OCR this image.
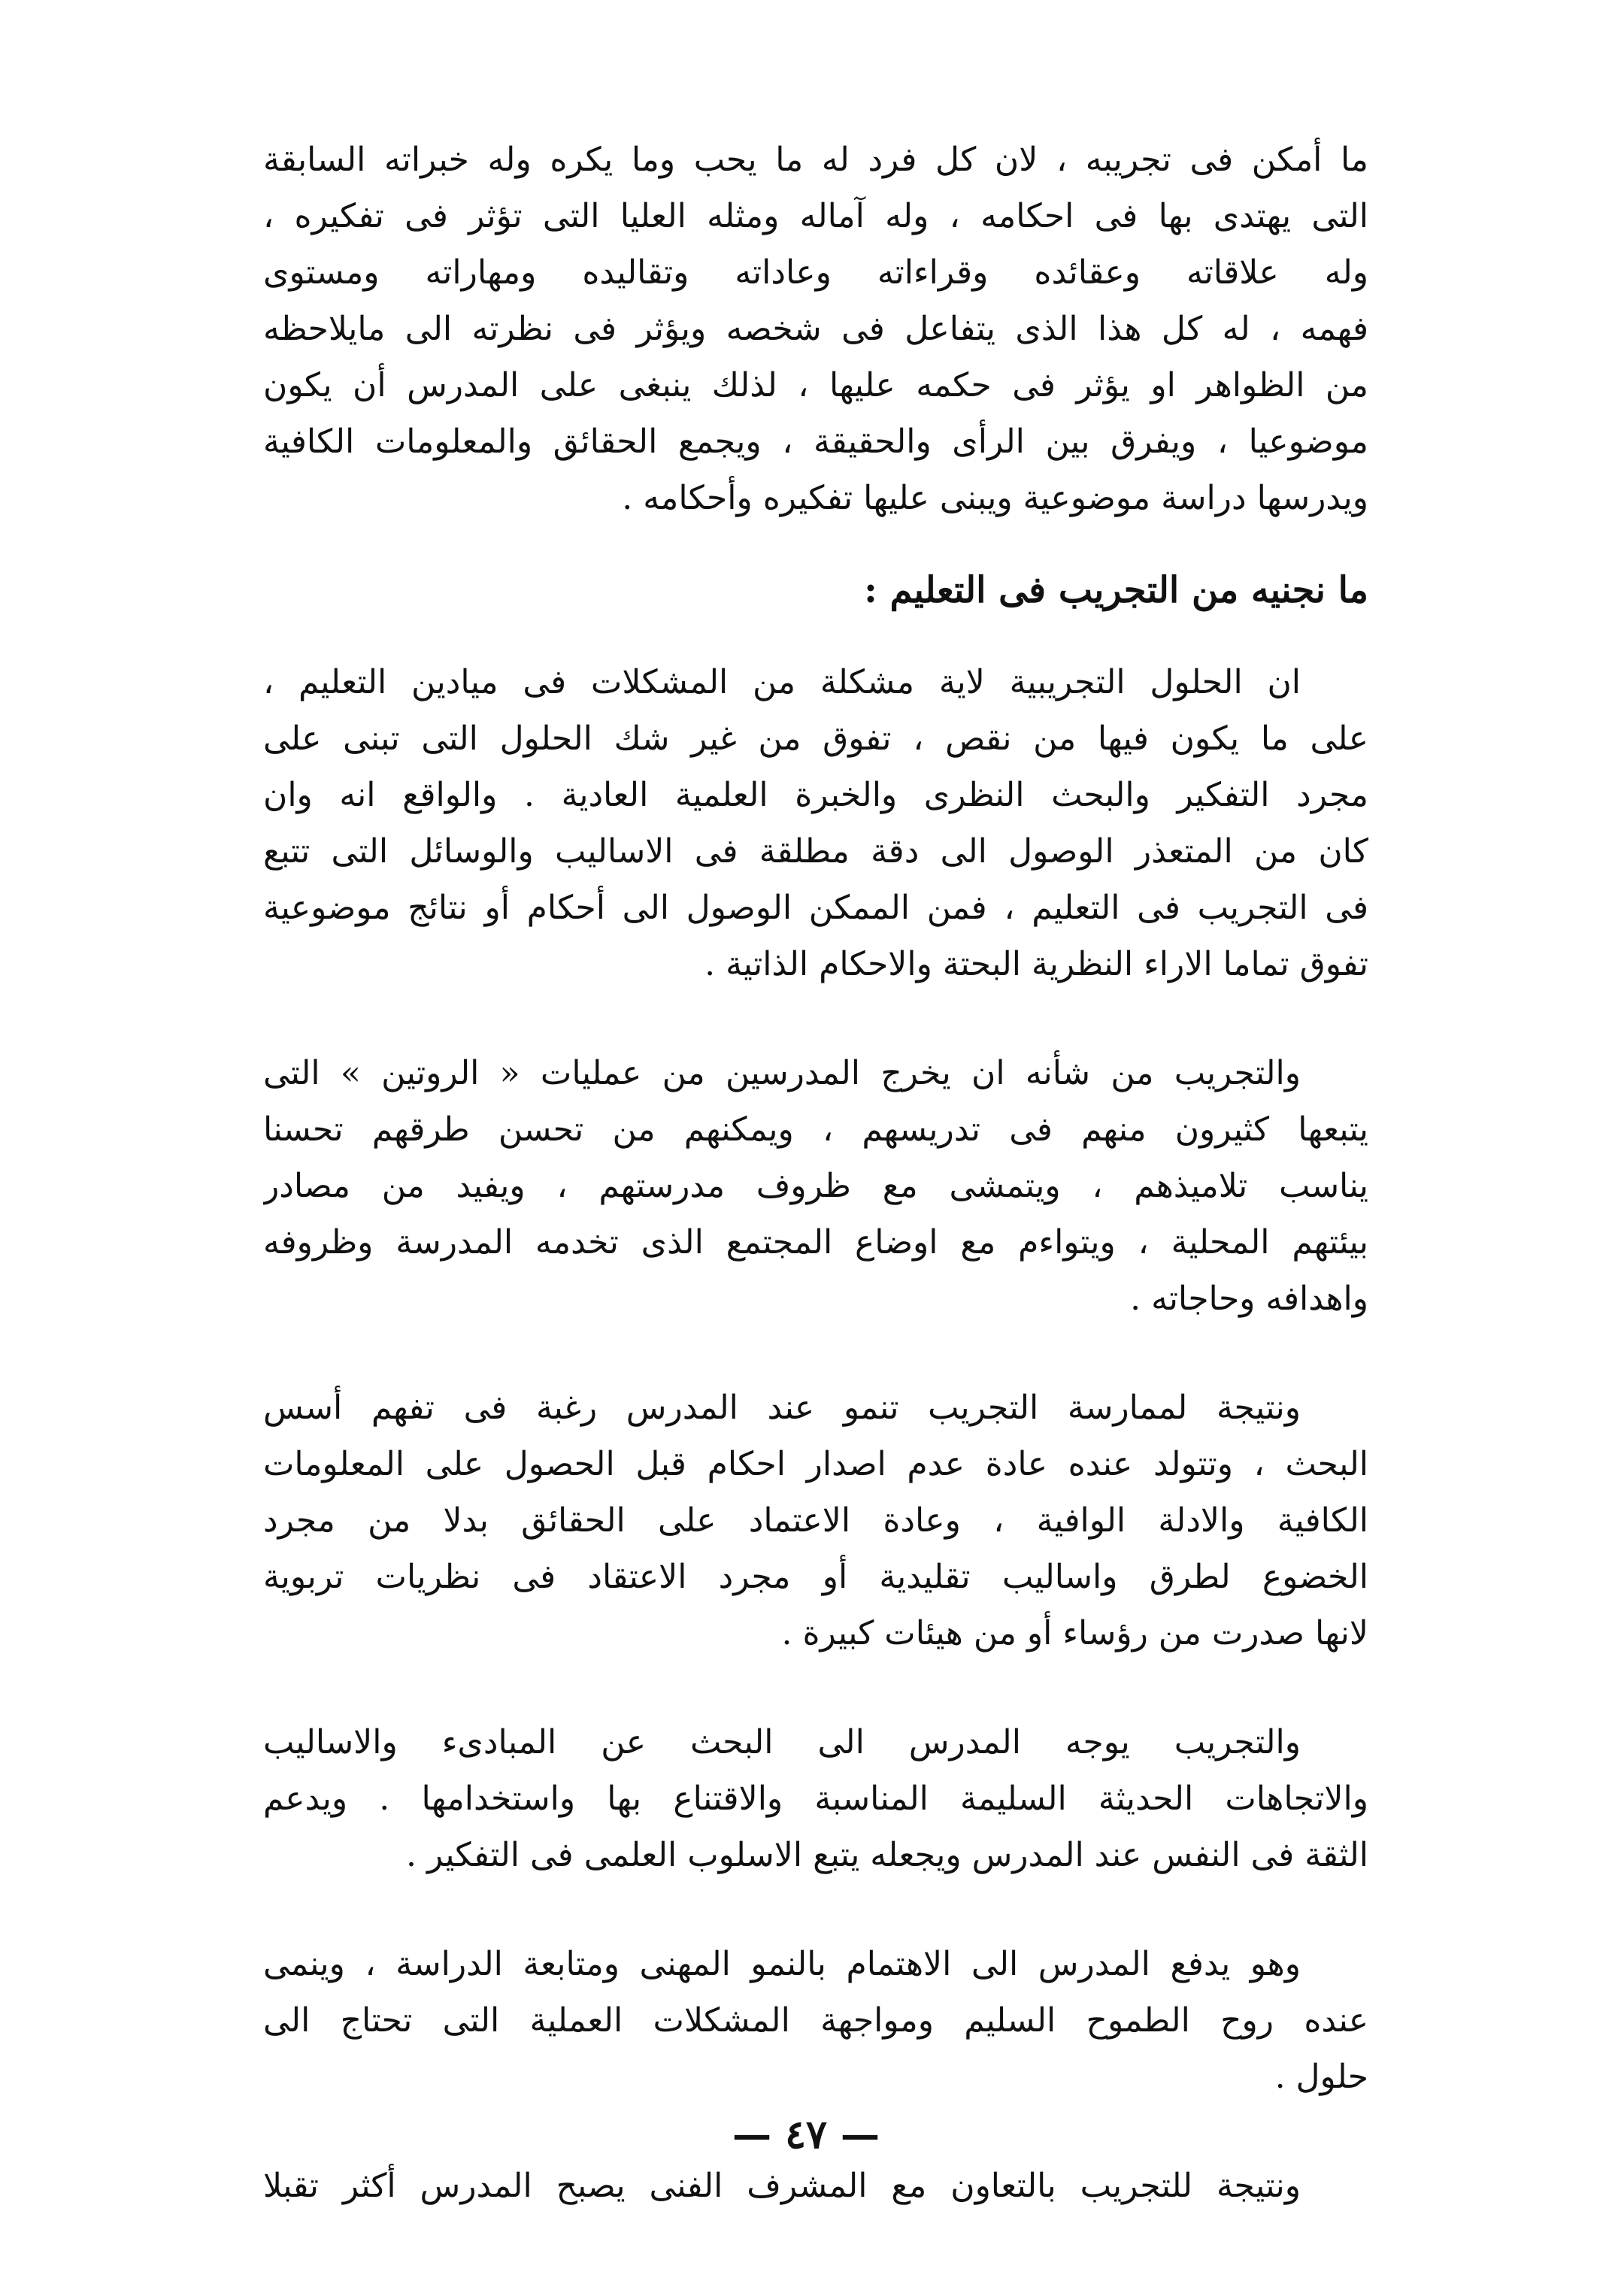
ما أمكن فى تجريبه ، لان كل فرد له ما يحب وما يكره وله خبراته السابقة
التى يهتدى بها فى احكامه ، وله آماله ومثله العليا التى تؤثر فى تفكيره ،
وله علاقاته وعقائده وقراءاته وعاداته وتقاليده ومهاراته ومستوى
فهمه ، له كل هذا الذى يتفاعل فى شخصه ويؤثر فى نظرته الى مايلاحظه
من الظواهر او يؤثر فى حكمه عليها ، لذلك ينبغى على المدرس أن يكون
موضوعيا ، ويفرق بين الرأى والحقيقة ، ويجمع الحقائق والمعلومات الكافية
ويدرسها دراسة موضوعية ويبنى عليها تفكيره وأحكامه .
ما نجنيه من التجريب فى التعليم :
ان الحلول التجريبية لاية مشكلة من المشكلات فى ميادين التعليم ،
على ما يكون فيها من نقص ، تفوق من غير شك الحلول التى تبنى على
مجرد التفكير والبحث النظرى والخبرة العلمية العادية . والواقع انه وان
كان من المتعذر الوصول الى دقة مطلقة فى الاساليب والوسائل التى تتبع
فى التجريب فى التعليم ، فمن الممكن الوصول الى أحكام أو نتائج موضوعية
تفوق تماما الاراء النظرية البحتة والاحكام الذاتية .
والتجريب من شأنه ان يخرج المدرسين من عمليات « الروتين » التى
يتبعها كثيرون منهم فى تدريسهم ، ويمكنهم من تحسن طرقهم تحسنا
يناسب تلاميذهم ، ويتمشى مع ظروف مدرستهم ، ويفيد من مصادر
بيئتهم المحلية ، ويتواءم مع اوضاع المجتمع الذى تخدمه المدرسة وظروفه
واهدافه وحاجاته .
ونتيجة لممارسة التجريب تنمو عند المدرس رغبة فى تفهم أسس
البحث ، وتتولد عنده عادة عدم اصدار احكام قبل الحصول على المعلومات
الكافية والادلة الوافية ، وعادة الاعتماد على الحقائق بدلا من مجرد
الخضوع لطرق واساليب تقليدية أو مجرد الاعتقاد فى نظريات تربوية
لانها صدرت من رؤساء أو من هيئات كبيرة .
والتجريب يوجه المدرس الى البحث عن المبادىء والاساليب
والاتجاهات الحديثة السليمة المناسبة والاقتناع بها واستخدامها . ويدعم
الثقة فى النفس عند المدرس ويجعله يتبع الاسلوب العلمى فى التفكير .
وهو يدفع المدرس الى الاهتمام بالنمو المهنى ومتابعة الدراسة ، وينمى
عنده روح الطموح السليم ومواجهة المشكلات العملية التى تحتاج الى
حلول .
ونتيجة للتجريب بالتعاون مع المشرف الفنى يصبح المدرس أكثر تقبلا
— ٤٧ —
